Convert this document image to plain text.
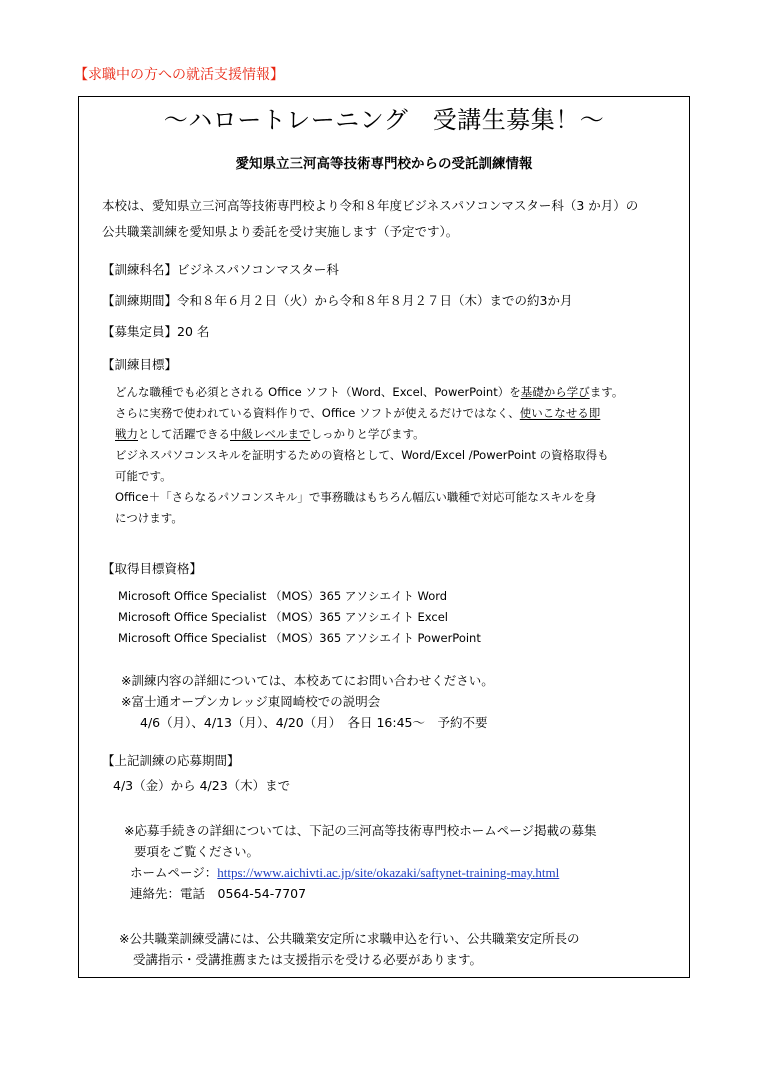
【求職中の方への就活支援情報】
～ハロートレーニング　受講生募集！～
愛知県立三河高等技術専門校からの受託訓練情報
本校は、愛知県立三河高等技術専門校より令和８年度ビジネスパソコンマスター科（3 か月）の
公共職業訓練を愛知県より委託を受け実施します（予定です）。
【訓練科名】ビジネスパソコンマスター科
【訓練期間】令和８年６月２日（火）から令和８年８月２７日（木）までの約3か月
【募集定員】20 名
【訓練目標】
どんな職種でも必須とされる Office ソフト（Word、Excel、PowerPoint）を基礎から学びます。
さらに実務で使われている資料作りで、Office ソフトが使えるだけではなく、使いこなせる即
戦力として活躍できる中級レベルまでしっかりと学びます。
ビジネスパソコンスキルを証明するための資格として、Word/Excel /PowerPoint の資格取得も
可能です。
Office＋「さらなるパソコンスキル」で事務職はもちろん幅広い職種で対応可能なスキルを身
につけます。
【取得目標資格】
Microsoft Office Specialist （MOS）365 アソシエイト Word
Microsoft Office Specialist （MOS）365 アソシエイト Excel
Microsoft Office Specialist （MOS）365 アソシエイト PowerPoint
※訓練内容の詳細については、本校あてにお問い合わせください。
※富士通オープンカレッジ東岡崎校での説明会
4/6（月）、4/13（月）、4/20（月）　各日 16:45～　予約不要
【上記訓練の応募期間】
4/3（金）から 4/23（木）まで
※応募手続きの詳細については、下記の三河高等技術専門校ホームページ掲載の募集
要項をご覧ください。
ホームページ：https://www.aichivti.ac.jp/site/okazaki/saftynet-training-may.html
連絡先：電話　0564-54-7707
※公共職業訓練受講には、公共職業安定所に求職申込を行い、公共職業安定所長の
受講指示・受講推薦または支援指示を受ける必要があります。
